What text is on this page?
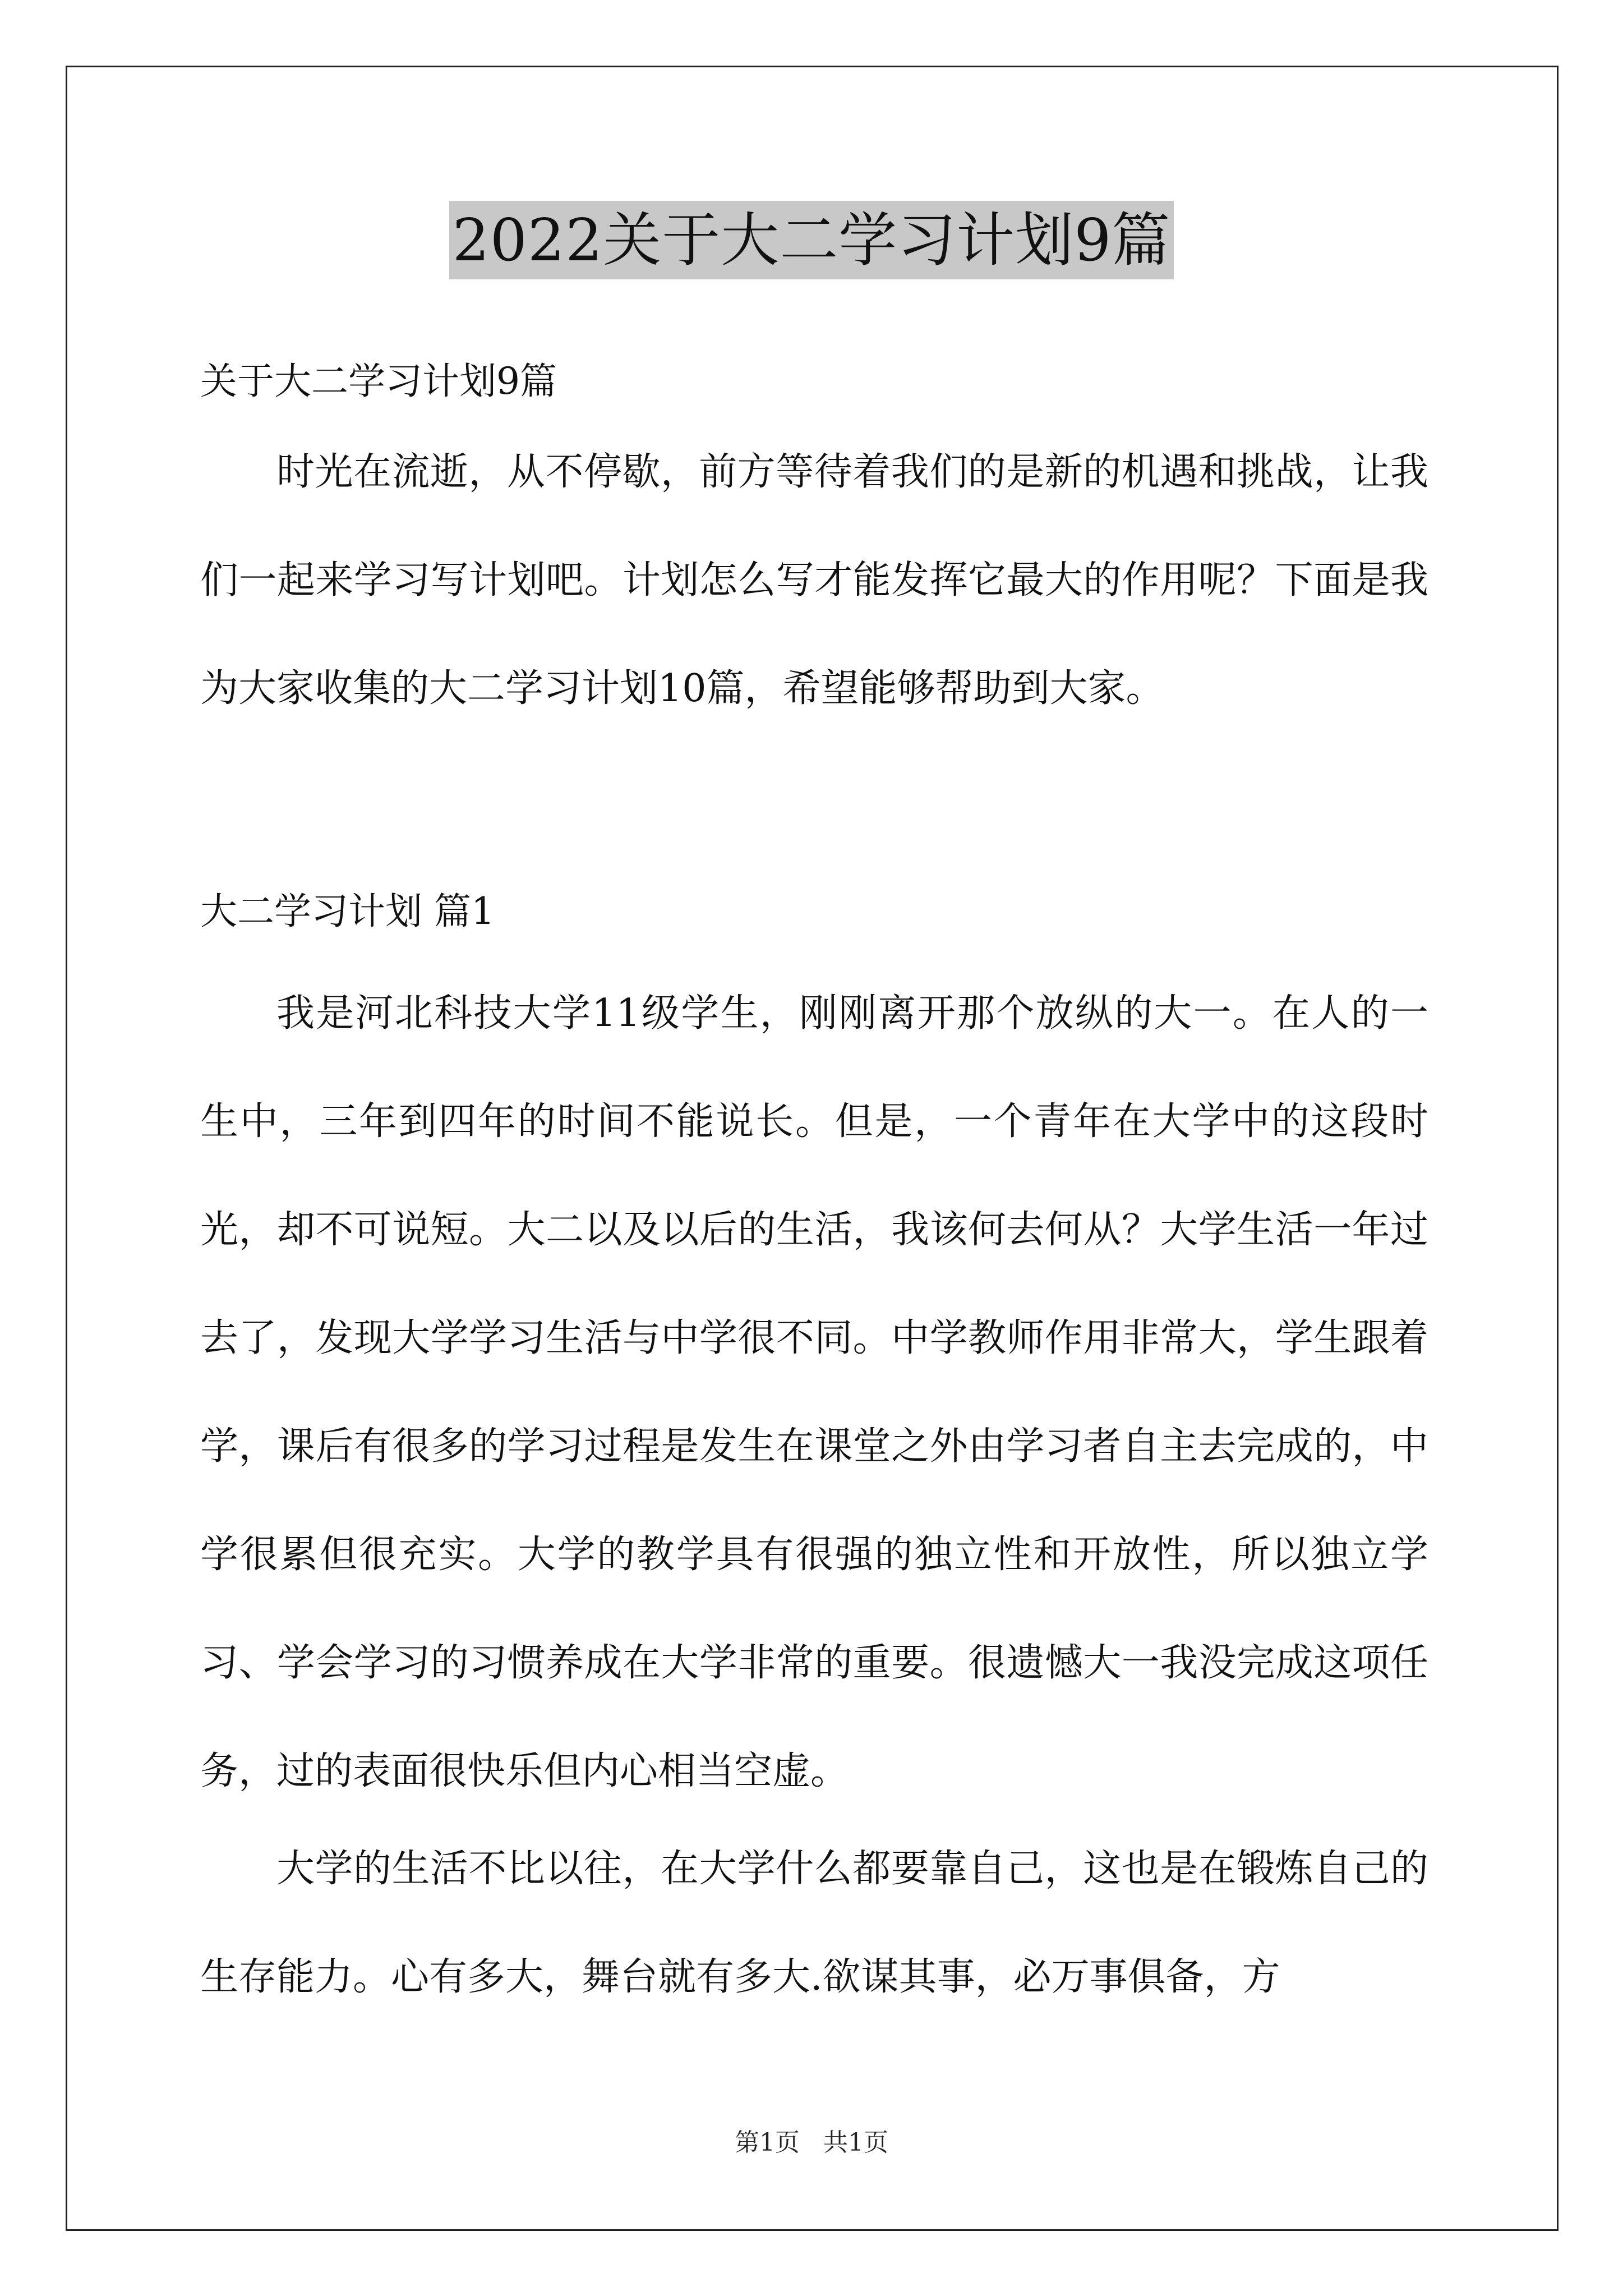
2022关于大二学习计划9篇
关于大二学习计划9篇

时光在流逝，从不停歇，前方等待着我们的是新的机遇和挑战，让我们一起来学习写计划吧。计划怎么写才能发挥它最大的作用呢？下面是我为大家收集的大二学习计划10篇，希望能够帮助到大家。

大二学习计划 篇1

我是河北科技大学11级学生，刚刚离开那个放纵的大一。在人的一生中，三年到四年的时间不能说长。但是，一个青年在大学中的这段时光，却不可说短。大二以及以后的生活，我该何去何从？大学生活一年过去了，发现大学学习生活与中学很不同。中学教师作用非常大，学生跟着学，课后有很多的学习过程是发生在课堂之外由学习者自主去完成的，中学很累但很充实。大学的教学具有很强的独立性和开放性，所以独立学习、学会学习的习惯养成在大学非常的重要。很遗憾大一我没完成这项任务，过的表面很快乐但内心相当空虚。

大学的生活不比以往，在大学什么都要靠自己，这也是在锻炼自己的生存能力。心有多大，舞台就有多大.欲谋其事，必万事俱备，方

第1页 共1页
